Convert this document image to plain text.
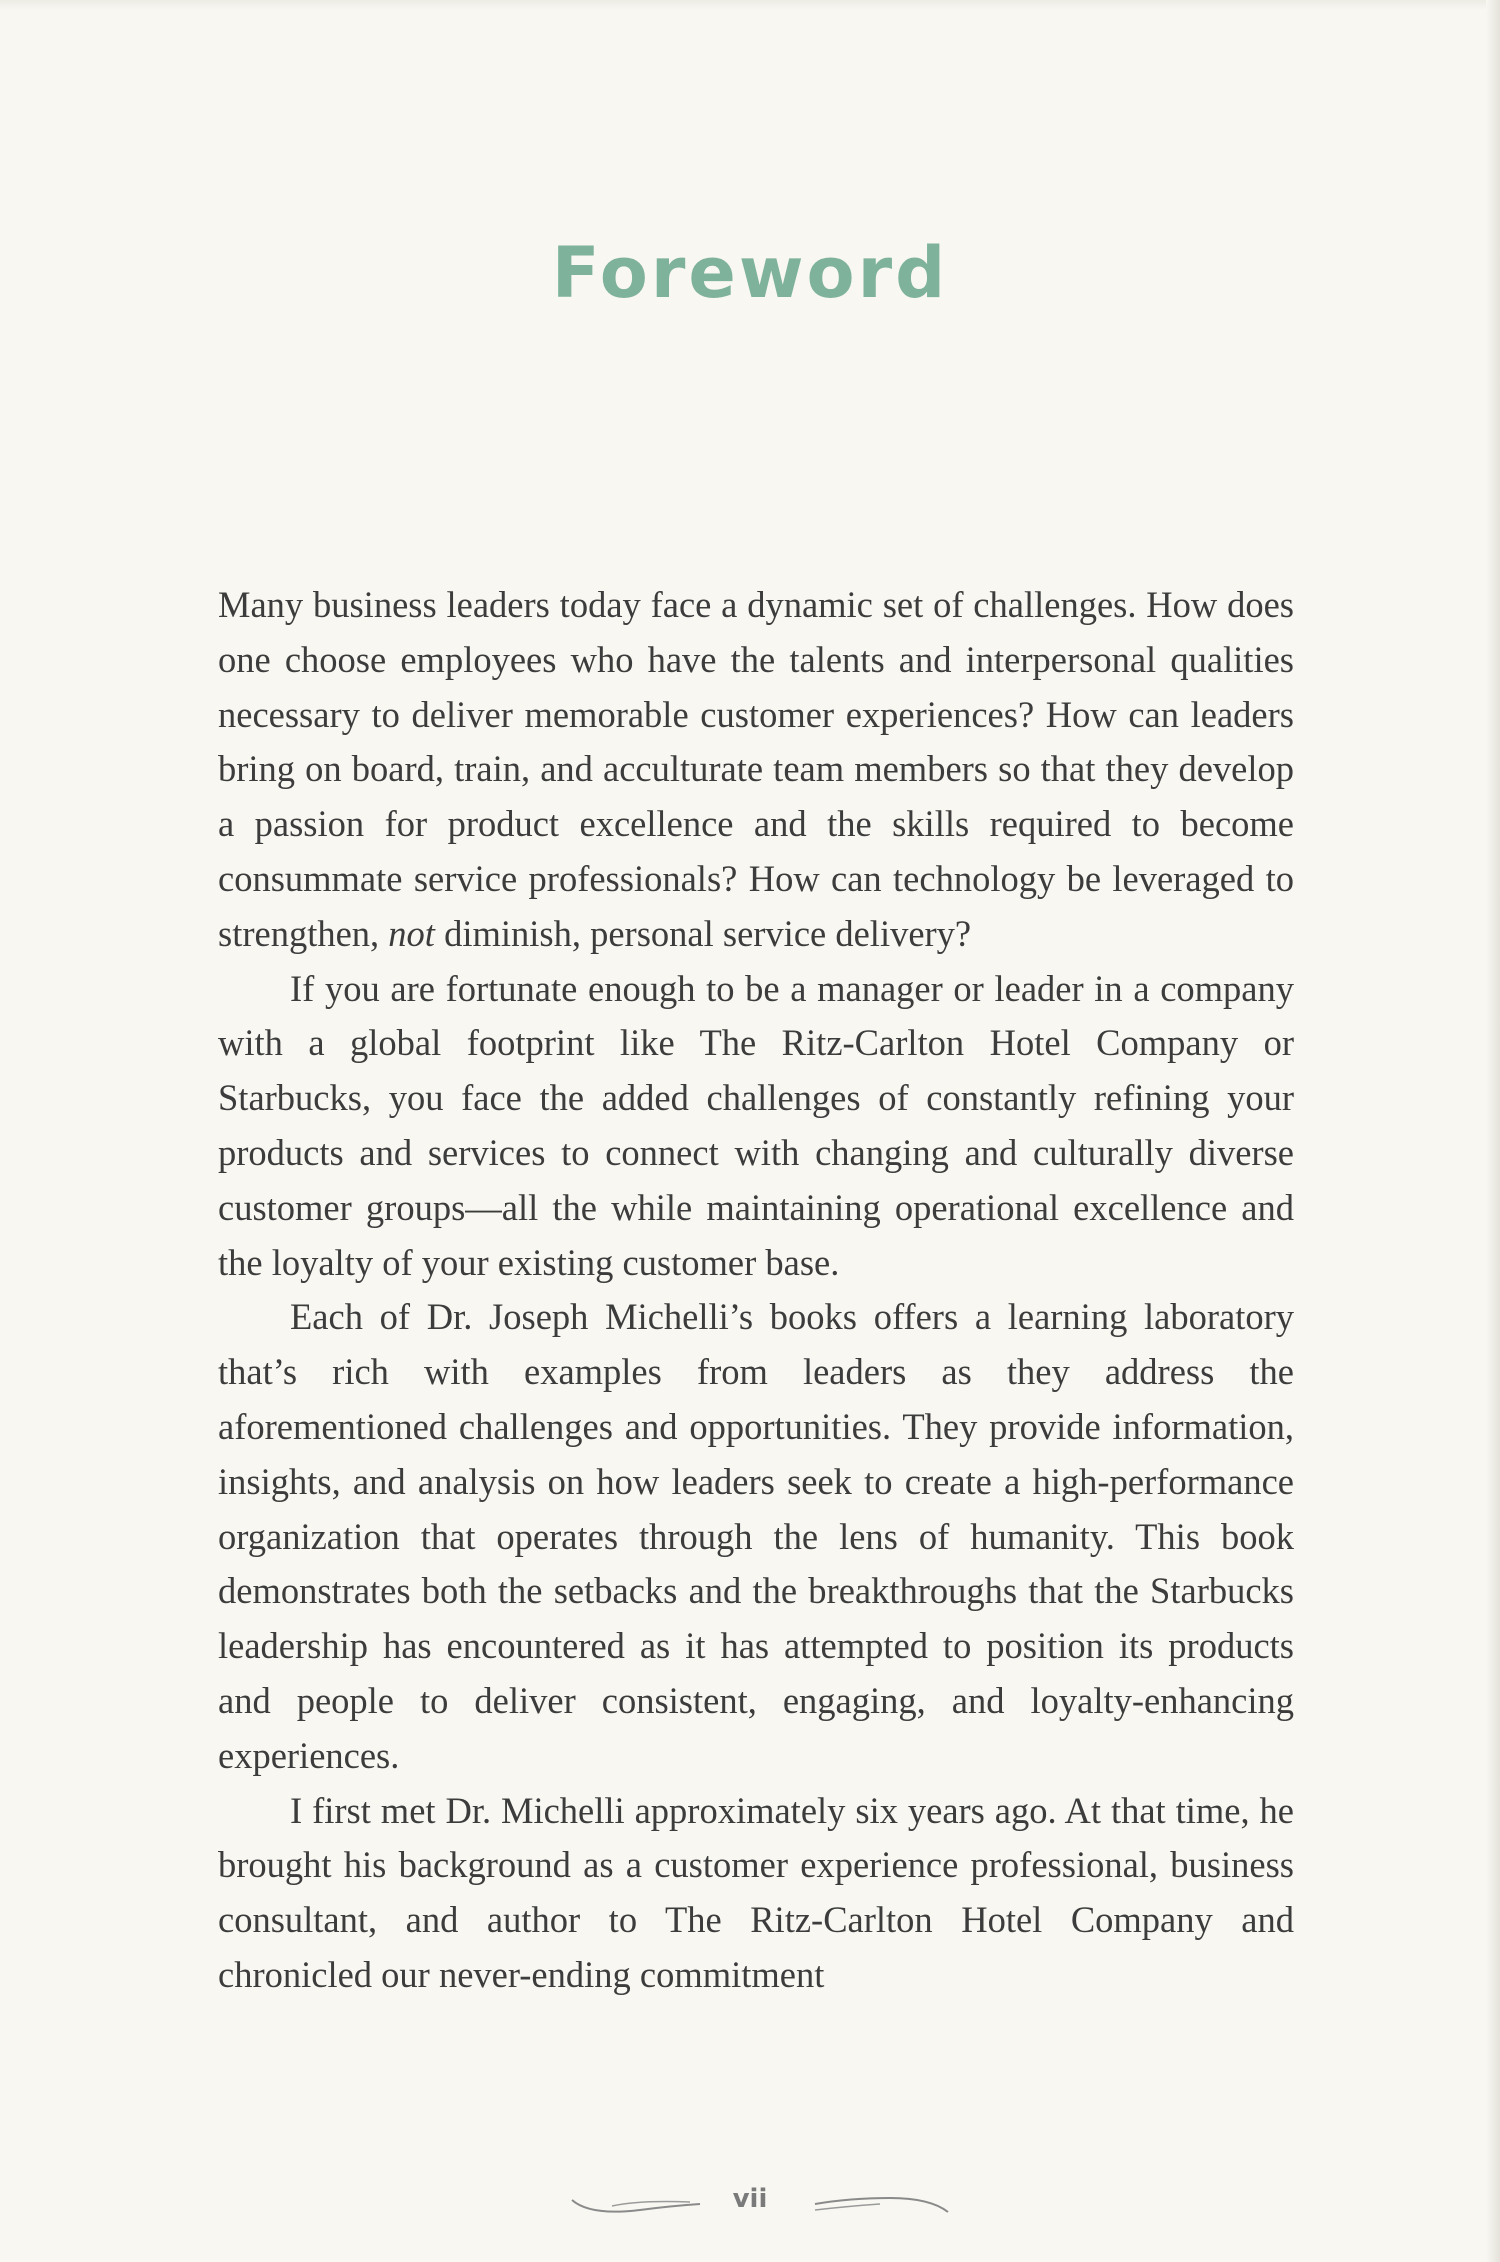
Foreword

Many business leaders today face a dynamic set of challenges. How does one choose employees who have the talents and interpersonal qualities necessary to deliver memorable customer experiences? How can leaders bring on board, train, and acculturate team members so that they develop a passion for product excellence and the skills required to become consummate service professionals? How can technology be leveraged to strengthen, not diminish, personal service delivery?

If you are fortunate enough to be a manager or leader in a company with a global footprint like The Ritz-Carlton Hotel Company or Starbucks, you face the added challenges of constantly refining your products and services to connect with changing and culturally diverse customer groups—all the while maintaining operational excellence and the loyalty of your existing customer base.

Each of Dr. Joseph Michelli’s books offers a learning laboratory that’s rich with examples from leaders as they address the aforementioned challenges and opportunities. They provide information, insights, and analysis on how leaders seek to create a high-performance organization that operates through the lens of humanity. This book demonstrates both the setbacks and the breakthroughs that the Starbucks leadership has encountered as it has attempted to position its products and people to deliver consistent, engaging, and loyalty-enhancing experiences.

I first met Dr. Michelli approximately six years ago. At that time, he brought his background as a customer experience professional, business consultant, and author to The Ritz-Carlton Hotel Company and chronicled our never-ending commitment

vii
